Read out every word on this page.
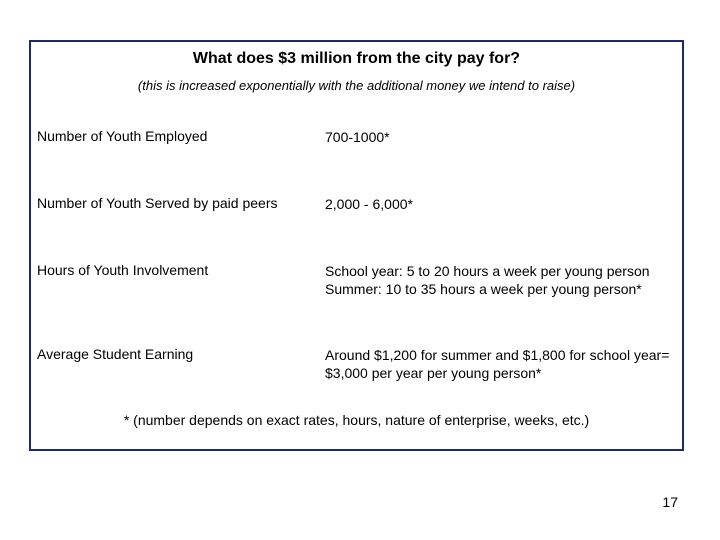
What does $3 million from the city pay for?

(this is increased exponentially with the additional money we intend to raise)

Number of Youth Employed	700-1000*

Number of Youth Served by paid peers	2,000 - 6,000*

Hours of Youth Involvement	School year: 5 to 20 hours a week per young person
Summer: 10 to 35 hours a week per young person*

Average Student Earning	Around $1,200 for summer and $1,800 for school year=
$3,000 per year per young person*

* (number depends on exact rates, hours, nature of enterprise, weeks, etc.)

17
